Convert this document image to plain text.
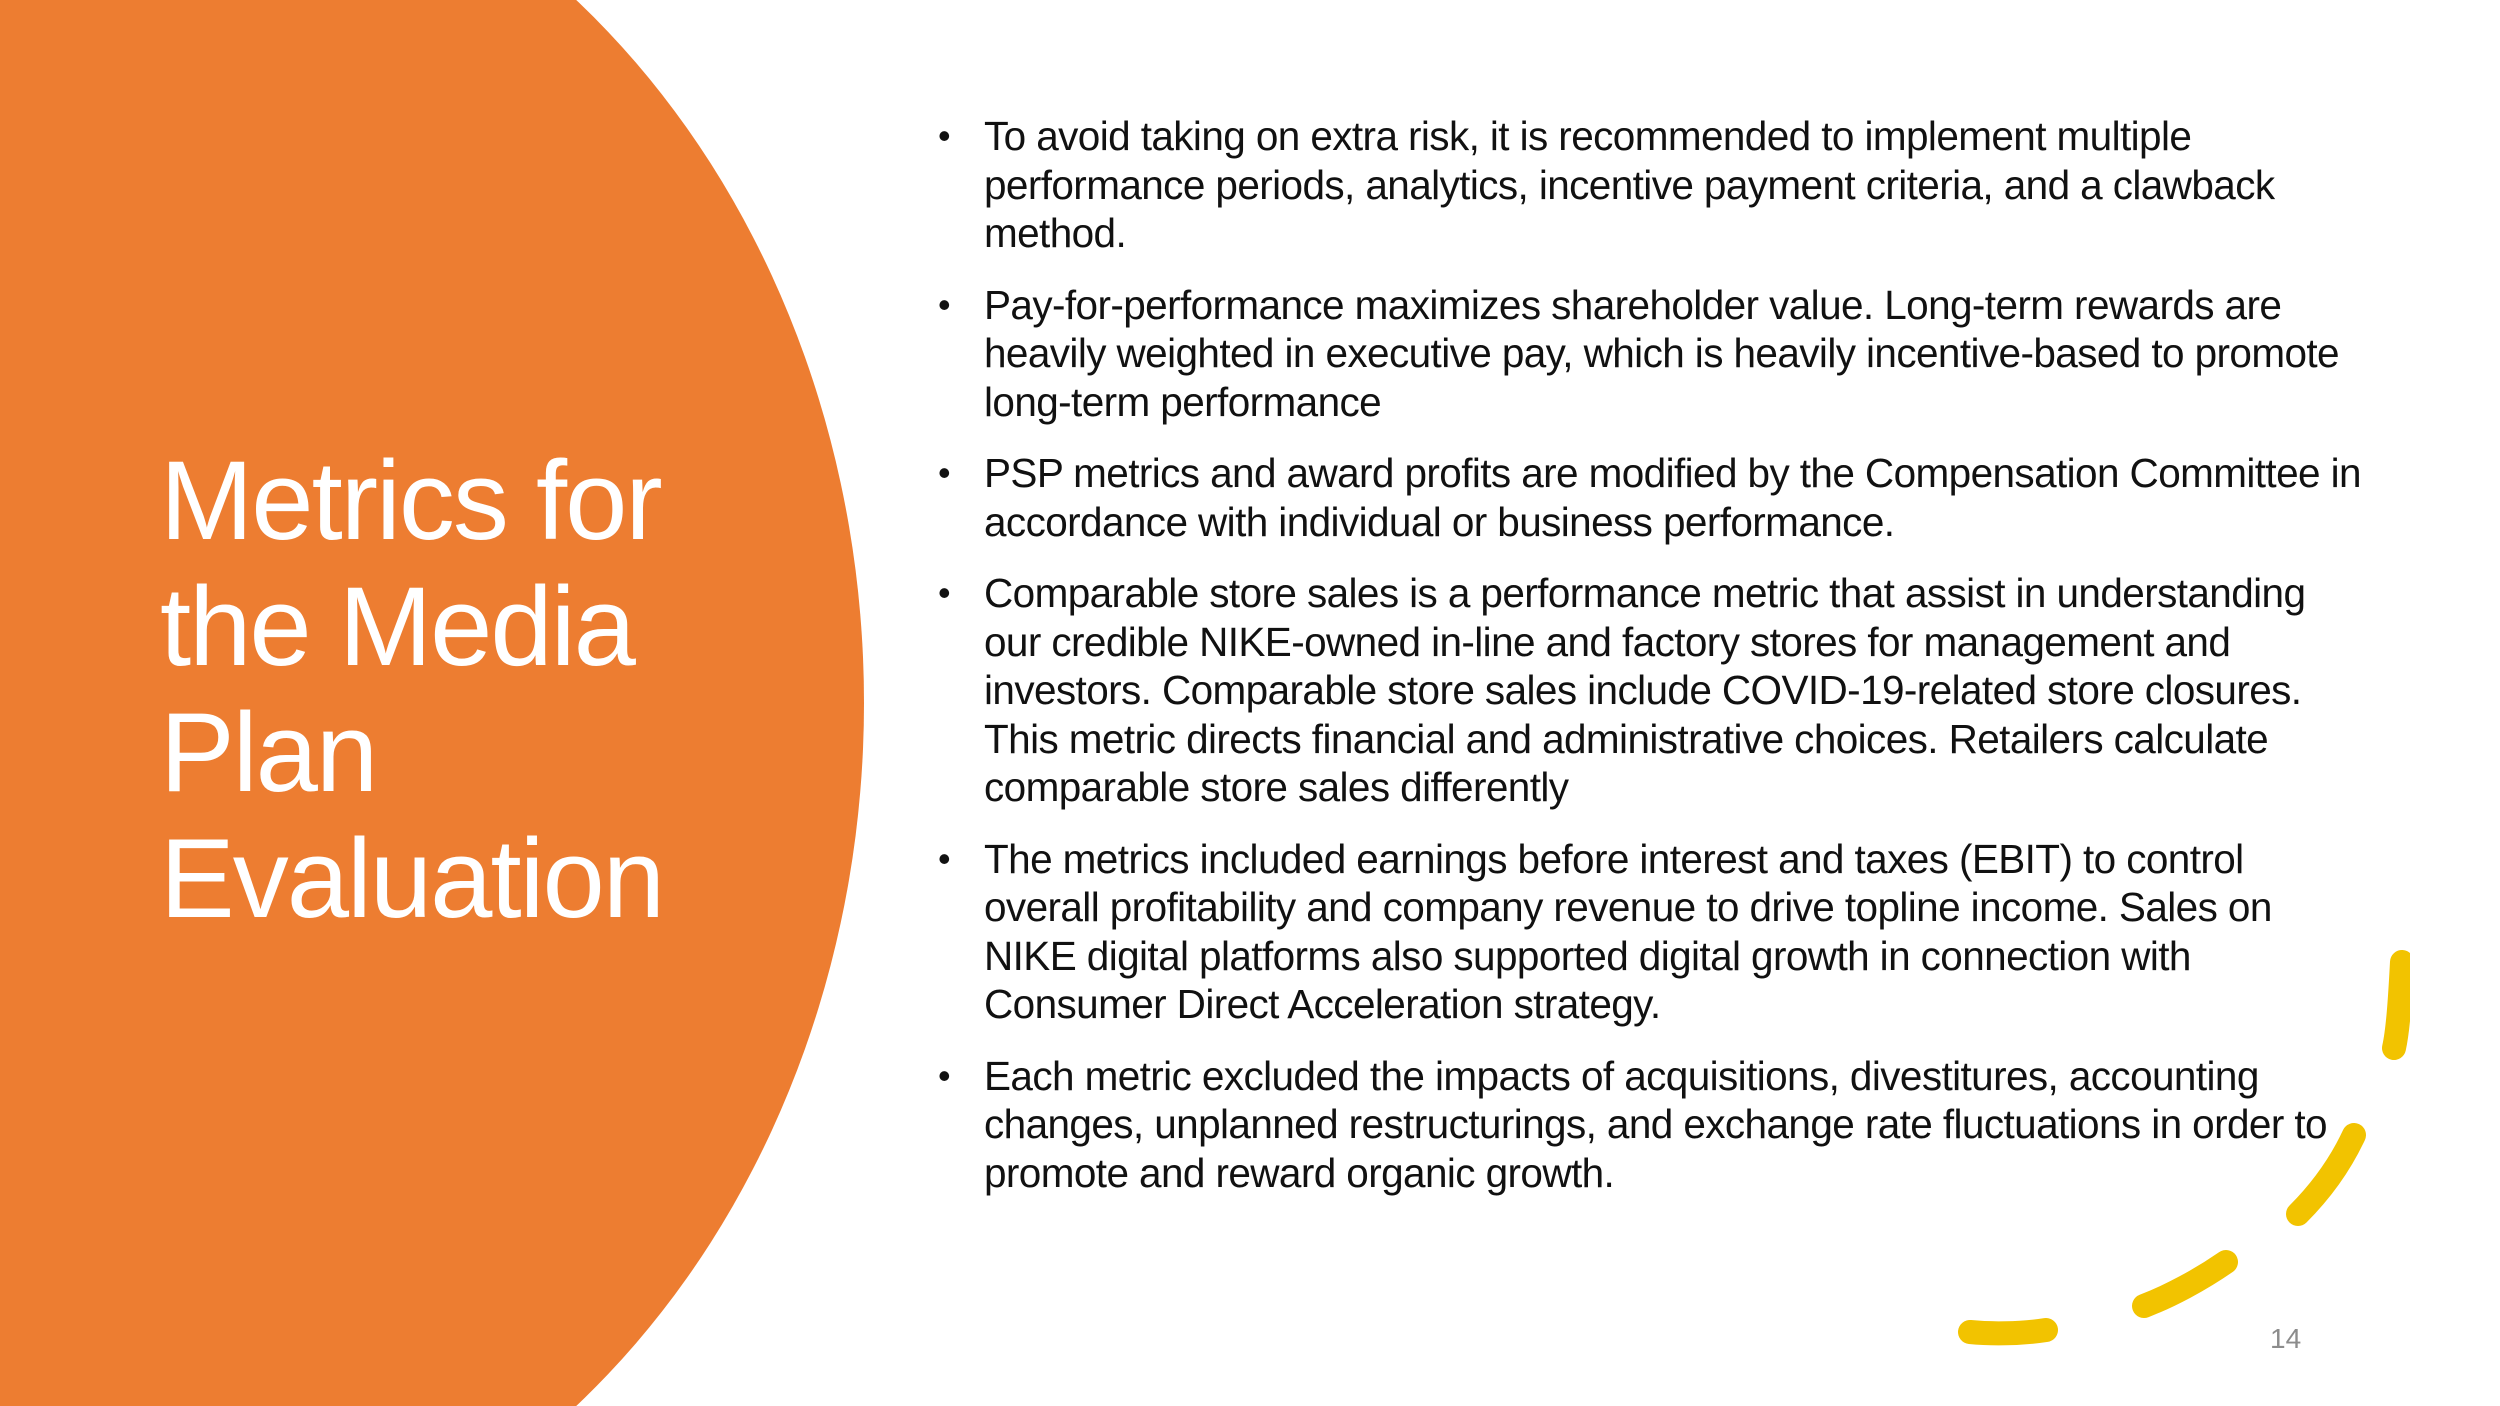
Metrics for the Media Plan Evaluation
• To avoid taking on extra risk, it is recommended to implement multiple performance periods, analytics, incentive payment criteria, and a clawback method.
• Pay-for-performance maximizes shareholder value. Long-term rewards are heavily weighted in executive pay, which is heavily incentive-based to promote long-term performance
• PSP metrics and award profits are modified by the Compensation Committee in accordance with individual or business performance.
• Comparable store sales is a performance metric that assist in understanding our credible NIKE-owned in-line and factory stores for management and investors. Comparable store sales include COVID-19-related store closures. This metric directs financial and administrative choices. Retailers calculate comparable store sales differently
• The metrics included earnings before interest and taxes (EBIT) to control overall profitability and company revenue to drive topline income. Sales on NIKE digital platforms also supported digital growth in connection with Consumer Direct Acceleration strategy.
• Each metric excluded the impacts of acquisitions, divestitures, accounting changes, unplanned restructurings, and exchange rate fluctuations in order to promote and reward organic growth.
14
